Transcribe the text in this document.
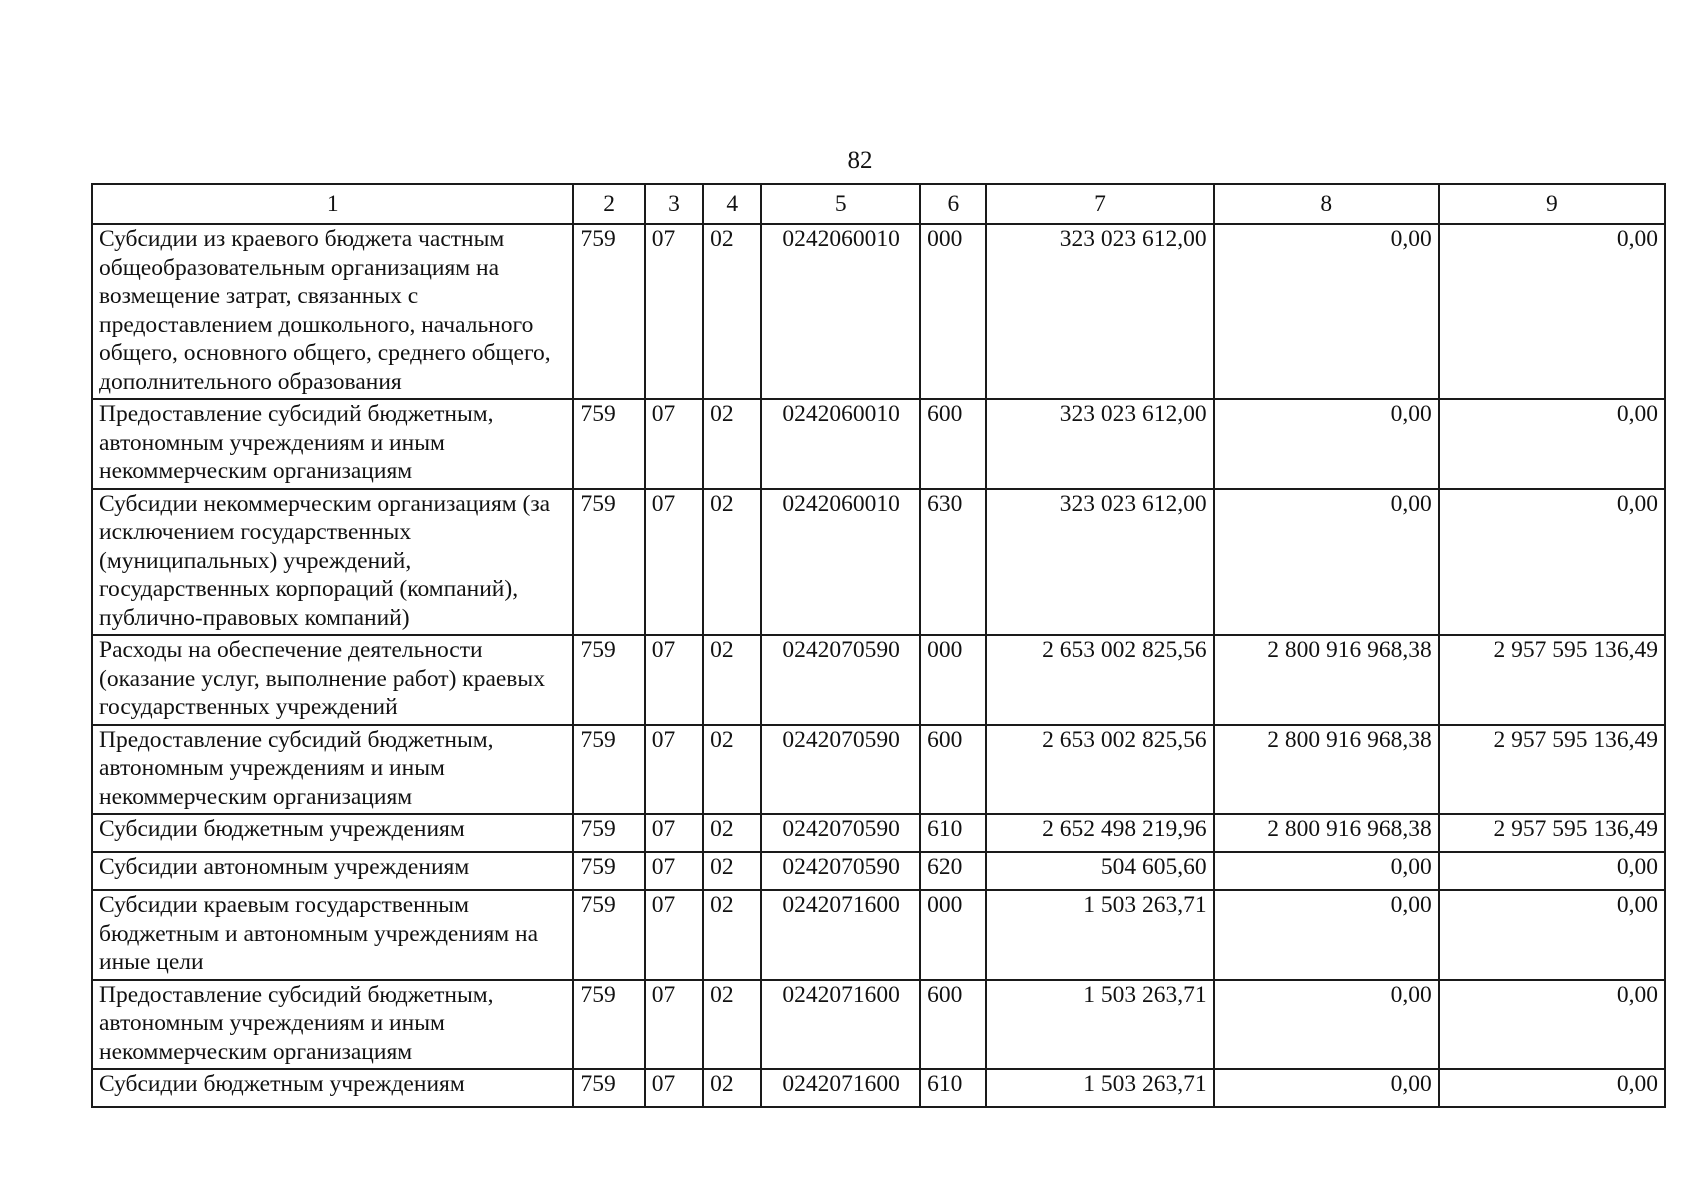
82
1	2	3	4	5	6	7	8	9
Субсидии из краевого бюджета частным общеобразовательным организациям на возмещение затрат, связанных с предоставлением дошкольного, начального общего, основного общего, среднего общего, дополнительного образования	759	07	02	0242060010	000	323 023 612,00	0,00	0,00
Предоставление субсидий бюджетным, автономным учреждениям и иным некоммерческим организациям	759	07	02	0242060010	600	323 023 612,00	0,00	0,00
Субсидии некоммерческим организациям (за исключением государственных (муниципальных) учреждений, государственных корпораций (компаний), публично-правовых компаний)	759	07	02	0242060010	630	323 023 612,00	0,00	0,00
Расходы на обеспечение деятельности (оказание услуг, выполнение работ) краевых государственных учреждений	759	07	02	0242070590	000	2 653 002 825,56	2 800 916 968,38	2 957 595 136,49
Предоставление субсидий бюджетным, автономным учреждениям и иным некоммерческим организациям	759	07	02	0242070590	600	2 653 002 825,56	2 800 916 968,38	2 957 595 136,49
Субсидии бюджетным учреждениям	759	07	02	0242070590	610	2 652 498 219,96	2 800 916 968,38	2 957 595 136,49
Субсидии автономным учреждениям	759	07	02	0242070590	620	504 605,60	0,00	0,00
Субсидии краевым государственным бюджетным и автономным учреждениям на иные цели	759	07	02	0242071600	000	1 503 263,71	0,00	0,00
Предоставление субсидий бюджетным, автономным учреждениям и иным некоммерческим организациям	759	07	02	0242071600	600	1 503 263,71	0,00	0,00
Субсидии бюджетным учреждениям	759	07	02	0242071600	610	1 503 263,71	0,00	0,00
